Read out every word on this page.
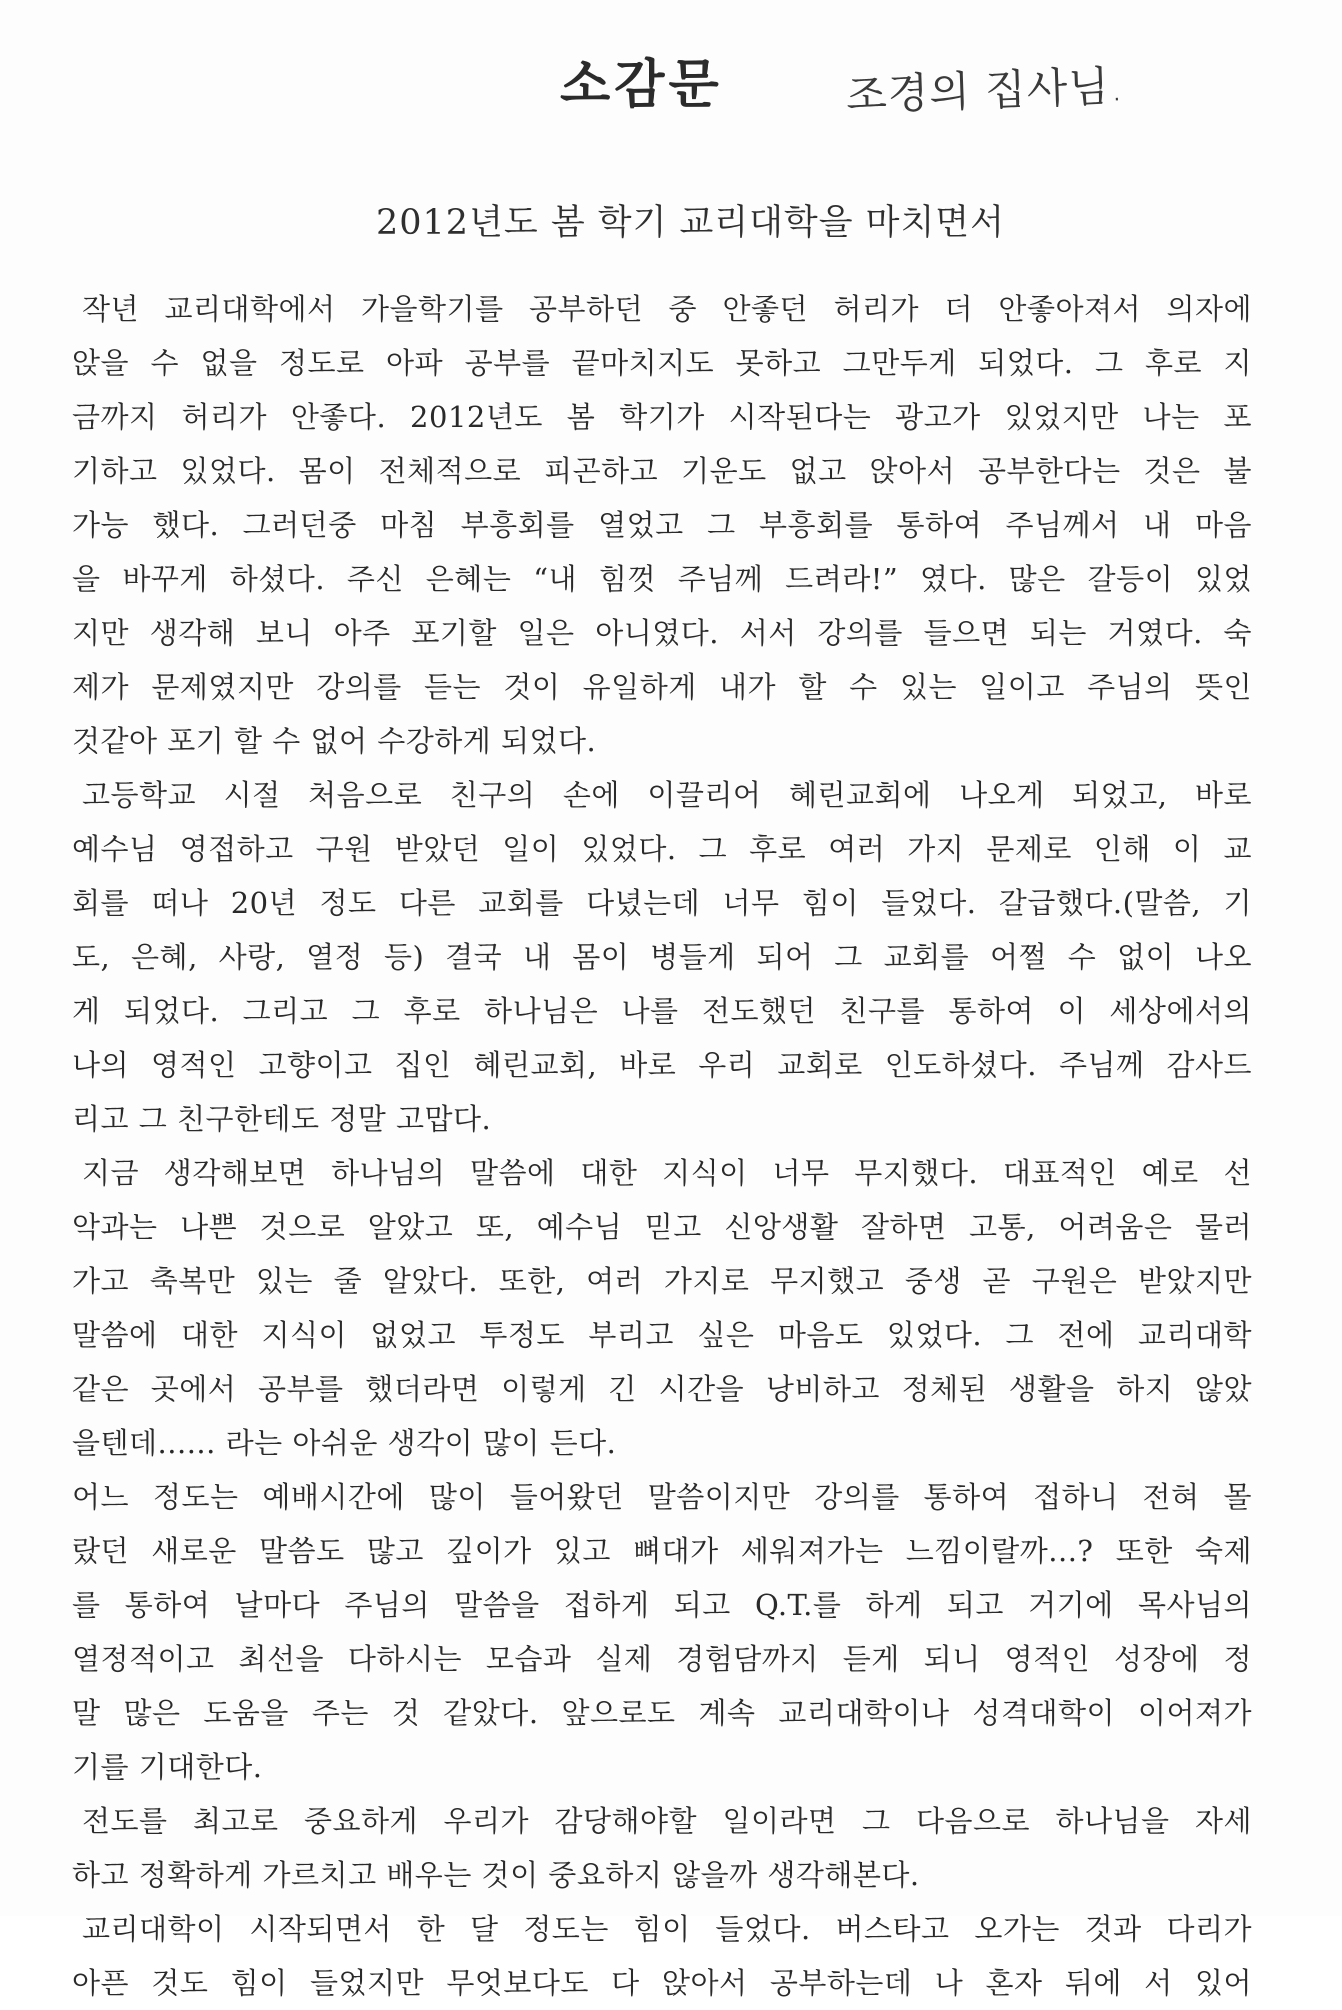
소감문	조경의 집사님.
2012년도 봄 학기 교리대학을 마치면서
작년 교리대학에서 가을학기를 공부하던 중 안좋던 허리가 더 안좋아져서 의자에
앉을 수 없을 정도로 아파 공부를 끝마치지도 못하고 그만두게 되었다. 그 후로 지
금까지 허리가 안좋다. 2012년도 봄 학기가 시작된다는 광고가 있었지만 나는 포
기하고 있었다. 몸이 전체적으로 피곤하고 기운도 없고 앉아서 공부한다는 것은 불
가능 했다. 그러던중 마침 부흥회를 열었고 그 부흥회를 통하여 주님께서 내 마음
을 바꾸게 하셨다. 주신 은혜는 “내 힘껏 주님께 드려라!” 였다. 많은 갈등이 있었
지만 생각해 보니 아주 포기할 일은 아니였다. 서서 강의를 들으면 되는 거였다. 숙
제가 문제였지만 강의를 듣는 것이 유일하게 내가 할 수 있는 일이고 주님의 뜻인
것같아 포기 할 수 없어 수강하게 되었다.
고등학교 시절 처음으로 친구의 손에 이끌리어 혜린교회에 나오게 되었고, 바로
예수님 영접하고 구원 받았던 일이 있었다. 그 후로 여러 가지 문제로 인해 이 교
회를 떠나 20년 정도 다른 교회를 다녔는데 너무 힘이 들었다. 갈급했다.(말씀, 기
도, 은혜, 사랑, 열정 등) 결국 내 몸이 병들게 되어 그 교회를 어쩔 수 없이 나오
게 되었다. 그리고 그 후로 하나님은 나를 전도했던 친구를 통하여 이 세상에서의
나의 영적인 고향이고 집인 혜린교회, 바로 우리 교회로 인도하셨다. 주님께 감사드
리고 그 친구한테도 정말 고맙다.
지금 생각해보면 하나님의 말씀에 대한 지식이 너무 무지했다. 대표적인 예로 선
악과는 나쁜 것으로 알았고 또, 예수님 믿고 신앙생활 잘하면 고통, 어려움은 물러
가고 축복만 있는 줄 알았다. 또한, 여러 가지로 무지했고 중생 곧 구원은 받았지만
말씀에 대한 지식이 없었고 투정도 부리고 싶은 마음도 있었다. 그 전에 교리대학
같은 곳에서 공부를 했더라면 이렇게 긴 시간을 낭비하고 정체된 생활을 하지 않았
을텐데...... 라는 아쉬운 생각이 많이 든다.
어느 정도는 예배시간에 많이 들어왔던 말씀이지만 강의를 통하여 접하니 전혀 몰
랐던 새로운 말씀도 많고 깊이가 있고 뼈대가 세워져가는 느낌이랄까...? 또한 숙제
를 통하여 날마다 주님의 말씀을 접하게 되고 Q.T.를 하게 되고 거기에 목사님의
열정적이고 최선을 다하시는 모습과 실제 경험담까지 듣게 되니 영적인 성장에 정
말 많은 도움을 주는 것 같았다. 앞으로도 계속 교리대학이나 성격대학이 이어져가
기를 기대한다.
전도를 최고로 중요하게 우리가 감당해야할 일이라면 그 다음으로 하나님을 자세
하고 정확하게 가르치고 배우는 것이 중요하지 않을까 생각해본다.
교리대학이 시작되면서 한 달 정도는 힘이 들었다. 버스타고 오가는 것과 다리가
아픈 것도 힘이 들었지만 무엇보다도 다 앉아서 공부하는데 나 혼자 뒤에 서 있어
